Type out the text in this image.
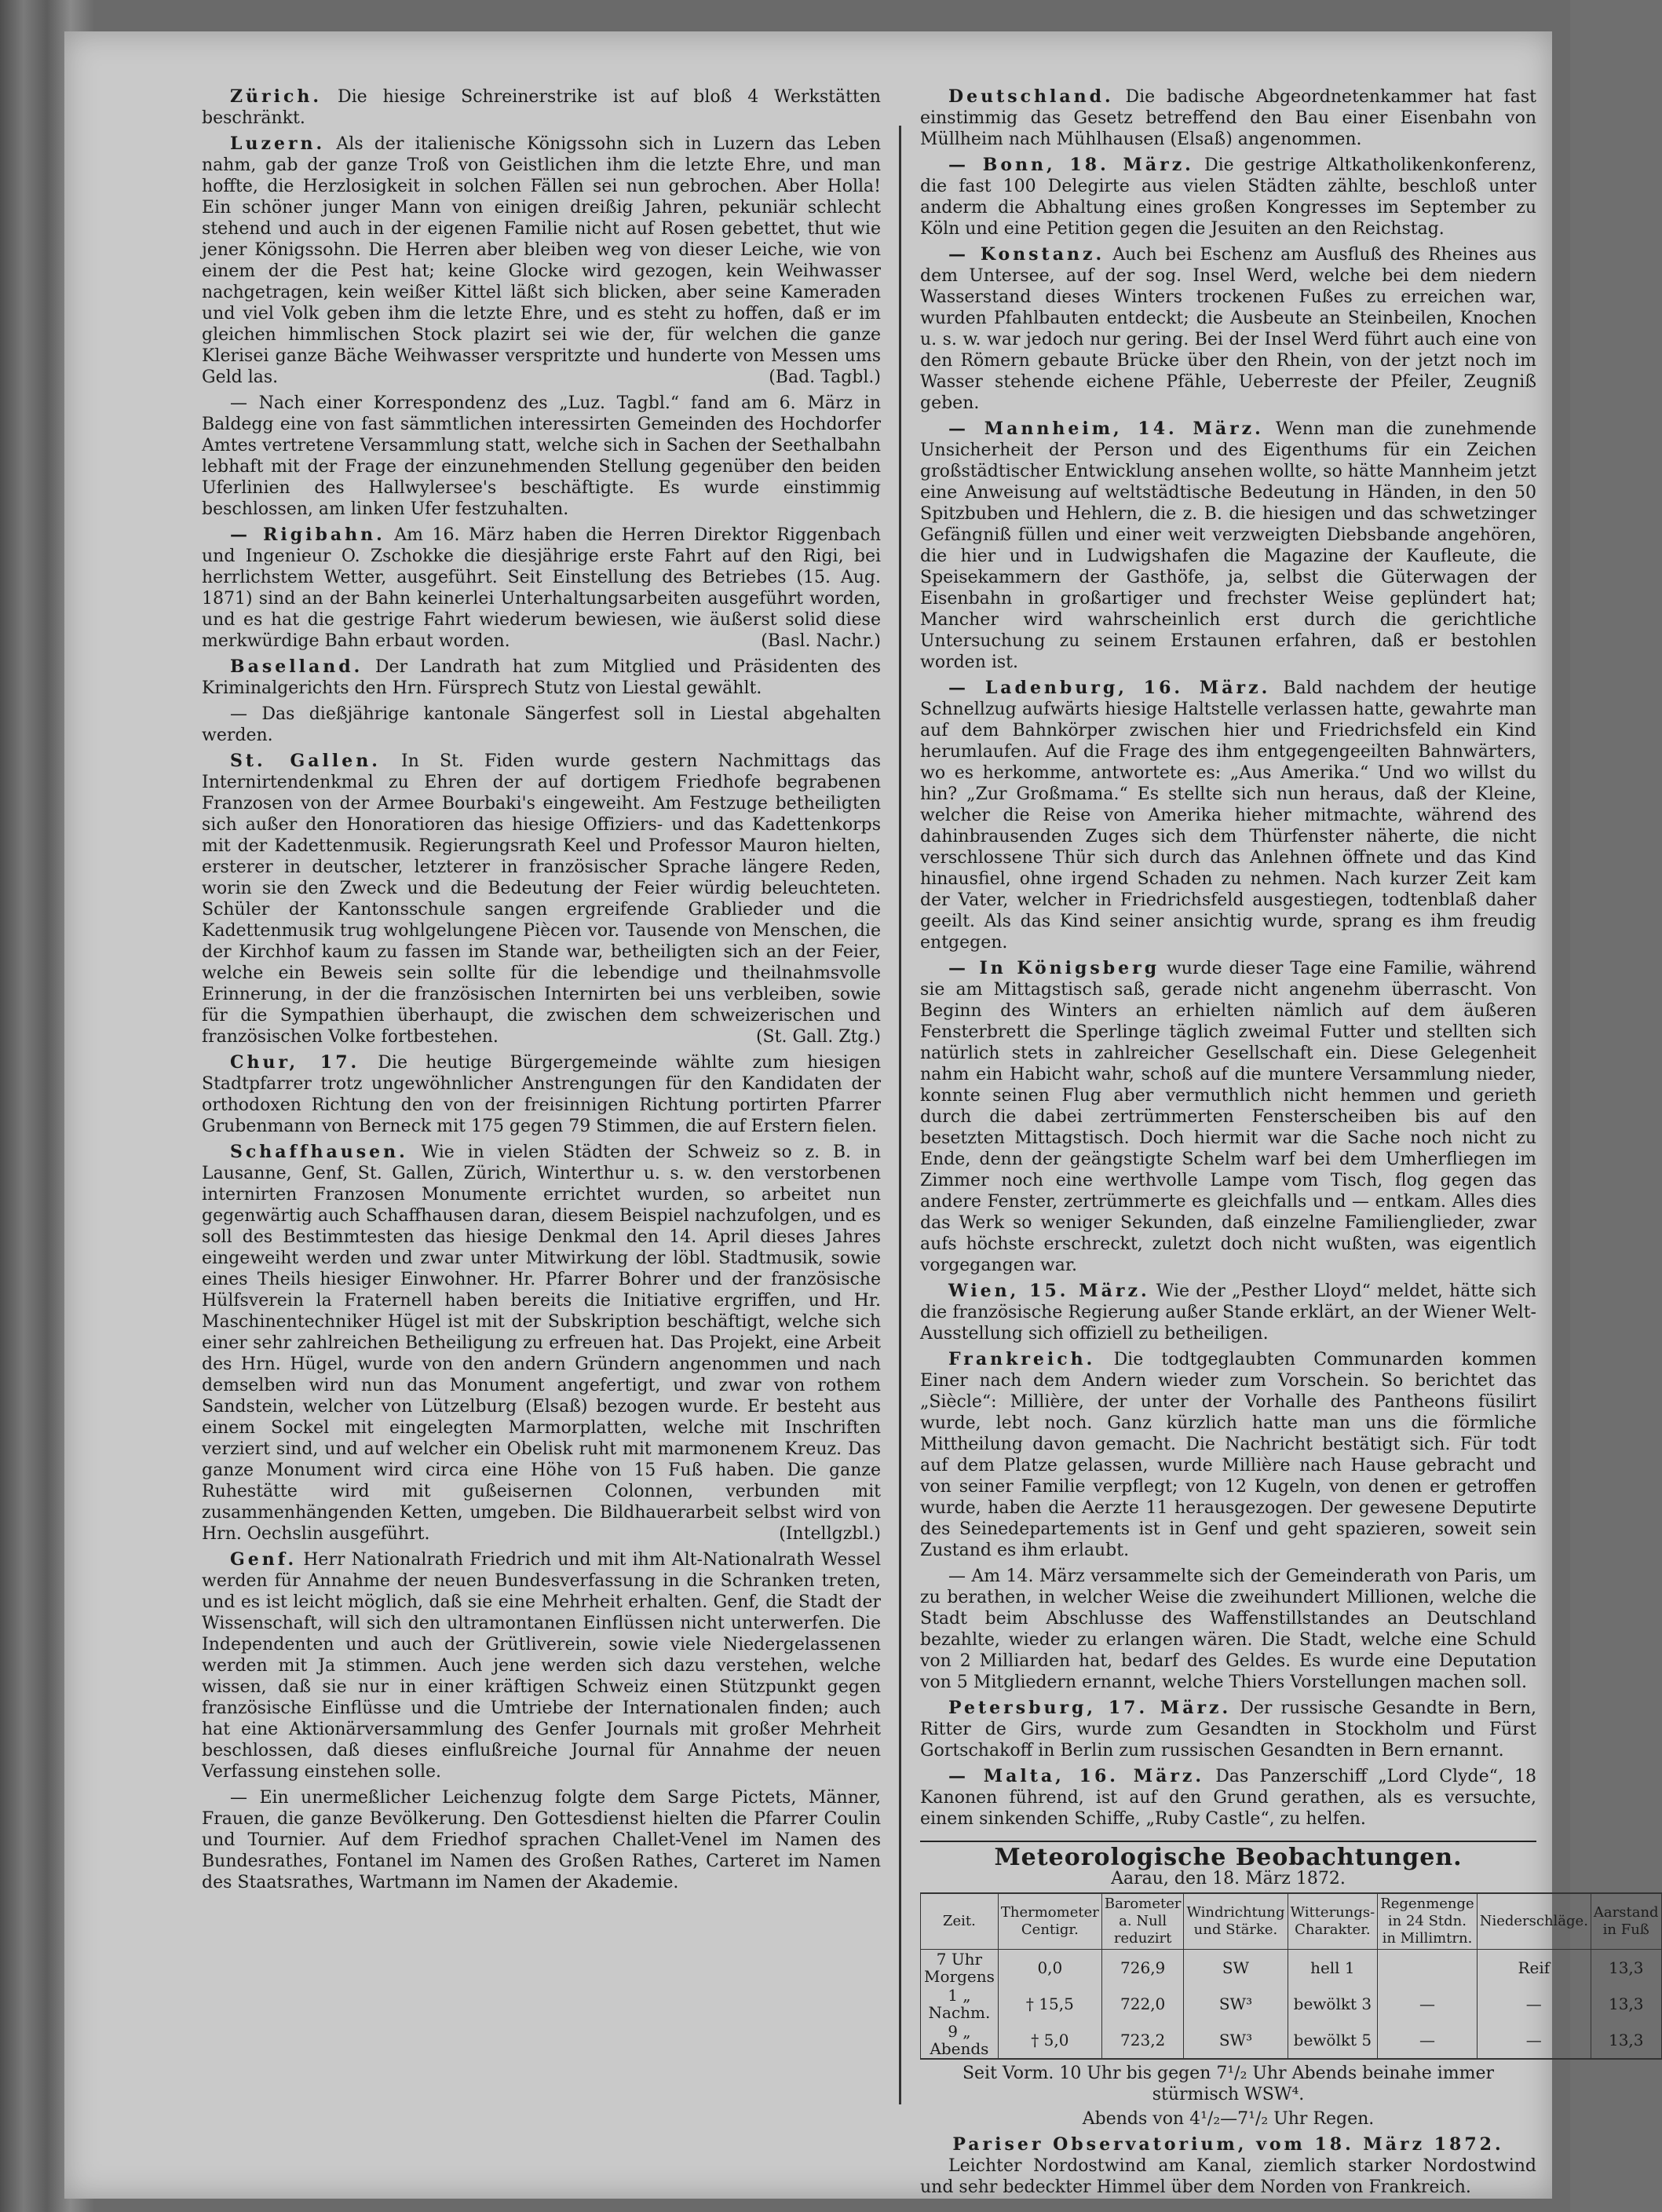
Zürich. Die hiesige Schreinerstrike ist auf bloß 4 Werkstätten beschränkt.

Luzern. Als der italienische Königssohn sich in Luzern das Leben nahm, gab der ganze Troß von Geistlichen ihm die letzte Ehre, und man hoffte, die Herzlosigkeit in solchen Fällen sei nun gebrochen. Aber Holla! Ein schöner junger Mann von einigen dreißig Jahren, pekuniär schlecht stehend und auch in der eigenen Familie nicht auf Rosen gebettet, thut wie jener Königssohn. Die Herren aber bleiben weg von dieser Leiche, wie von einem der die Pest hat; keine Glocke wird gezogen, kein Weihwasser nachgetragen, kein weißer Kittel läßt sich blicken, aber seine Kameraden und viel Volk geben ihm die letzte Ehre, und es steht zu hoffen, daß er im gleichen himmlischen Stock plazirt sei wie der, für welchen die ganze Klerisei ganze Bäche Weihwasser verspritzte und hunderte von Messen ums Geld las.	(Bad. Tagbl.)

— Nach einer Korrespondenz des „Luz. Tagbl.“ fand am 6. März in Baldegg eine von fast sämmtlichen interessirten Gemeinden des Hochdorfer Amtes vertretene Versammlung statt, welche sich in Sachen der Seethalbahn lebhaft mit der Frage der einzunehmenden Stellung gegenüber den beiden Uferlinien des Hallwylersee's beschäftigte. Es wurde einstimmig beschlossen, am linken Ufer festzuhalten.

— Rigibahn. Am 16. März haben die Herren Direktor Riggenbach und Ingenieur O. Zschokke die diesjährige erste Fahrt auf den Rigi, bei herrlichstem Wetter, ausgeführt. Seit Einstellung des Betriebes (15. Aug. 1871) sind an der Bahn keinerlei Unterhaltungsarbeiten ausgeführt worden, und es hat die gestrige Fahrt wiederum bewiesen, wie äußerst solid diese merkwürdige Bahn erbaut worden.	(Basl. Nachr.)

Baselland. Der Landrath hat zum Mitglied und Präsidenten des Kriminalgerichts den Hrn. Fürsprech Stutz von Liestal gewählt.

— Das dießjährige kantonale Sängerfest soll in Liestal abgehalten werden.

St. Gallen. In St. Fiden wurde gestern Nachmittags das Internirtendenkmal zu Ehren der auf dortigem Friedhofe begrabenen Franzosen von der Armee Bourbaki's eingeweiht. Am Festzuge betheiligten sich außer den Honoratioren das hiesige Offiziers- und das Kadettenkorps mit der Kadettenmusik. Regierungsrath Keel und Professor Mauron hielten, ersterer in deutscher, letzterer in französischer Sprache längere Reden, worin sie den Zweck und die Bedeutung der Feier würdig beleuchteten. Schüler der Kantonsschule sangen ergreifende Grablieder und die Kadettenmusik trug wohlgelungene Piècen vor. Tausende von Menschen, die der Kirchhof kaum zu fassen im Stande war, betheiligten sich an der Feier, welche ein Beweis sein sollte für die lebendige und theilnahmsvolle Erinnerung, in der die französischen Internirten bei uns verbleiben, sowie für die Sympathien überhaupt, die zwischen dem schweizerischen und französischen Volke fortbestehen.	(St. Gall. Ztg.)

Chur, 17. Die heutige Bürgergemeinde wählte zum hiesigen Stadtpfarrer trotz ungewöhnlicher Anstrengungen für den Kandidaten der orthodoxen Richtung den von der freisinnigen Richtung portirten Pfarrer Grubenmann von Berneck mit 175 gegen 79 Stimmen, die auf Erstern fielen.

Schaffhausen. Wie in vielen Städten der Schweiz so z. B. in Lausanne, Genf, St. Gallen, Zürich, Winterthur u. s. w. den verstorbenen internirten Franzosen Monumente errichtet wurden, so arbeitet nun gegenwärtig auch Schaffhausen daran, diesem Beispiel nachzufolgen, und es soll des Bestimmtesten das hiesige Denkmal den 14. April dieses Jahres eingeweiht werden und zwar unter Mitwirkung der löbl. Stadtmusik, sowie eines Theils hiesiger Einwohner. Hr. Pfarrer Bohrer und der französische Hülfsverein la Fraternell haben bereits die Initiative ergriffen, und Hr. Maschinentechniker Hügel ist mit der Subskription beschäftigt, welche sich einer sehr zahlreichen Betheiligung zu erfreuen hat. Das Projekt, eine Arbeit des Hrn. Hügel, wurde von den andern Gründern angenommen und nach demselben wird nun das Monument angefertigt, und zwar von rothem Sandstein, welcher von Lützelburg (Elsaß) bezogen wurde. Er besteht aus einem Sockel mit eingelegten Marmorplatten, welche mit Inschriften verziert sind, und auf welcher ein Obelisk ruht mit marmonenem Kreuz. Das ganze Monument wird circa eine Höhe von 15 Fuß haben. Die ganze Ruhestätte wird mit gußeisernen Colonnen, verbunden mit zusammenhängenden Ketten, umgeben. Die Bildhauerarbeit selbst wird von Hrn. Oechslin ausgeführt.	(Intellgzbl.)

Genf. Herr Nationalrath Friedrich und mit ihm Alt-Nationalrath Wessel werden für Annahme der neuen Bundesverfassung in die Schranken treten, und es ist leicht möglich, daß sie eine Mehrheit erhalten. Genf, die Stadt der Wissenschaft, will sich den ultramontanen Einflüssen nicht unterwerfen. Die Independenten und auch der Grütliverein, sowie viele Niedergelassenen werden mit Ja stimmen. Auch jene werden sich dazu verstehen, welche wissen, daß sie nur in einer kräftigen Schweiz einen Stützpunkt gegen französische Einflüsse und die Umtriebe der Internationalen finden; auch hat eine Aktionärversammlung des Genfer Journals mit großer Mehrheit beschlossen, daß dieses einflußreiche Journal für Annahme der neuen Verfassung einstehen solle.

— Ein unermeßlicher Leichenzug folgte dem Sarge Pictets, Männer, Frauen, die ganze Bevölkerung. Den Gottesdienst hielten die Pfarrer Coulin und Tournier. Auf dem Friedhof sprachen Challet-Venel im Namen des Bundesrathes, Fontanel im Namen des Großen Rathes, Carteret im Namen des Staatsrathes, Wartmann im Namen der Akademie.

Deutschland. Die badische Abgeordnetenkammer hat fast einstimmig das Gesetz betreffend den Bau einer Eisenbahn von Müllheim nach Mühlhausen (Elsaß) angenommen.

— Bonn, 18. März. Die gestrige Altkatholikenkonferenz, die fast 100 Delegirte aus vielen Städten zählte, beschloß unter anderm die Abhaltung eines großen Kongresses im September zu Köln und eine Petition gegen die Jesuiten an den Reichstag.

— Konstanz. Auch bei Eschenz am Ausfluß des Rheines aus dem Untersee, auf der sog. Insel Werd, welche bei dem niedern Wasserstand dieses Winters trockenen Fußes zu erreichen war, wurden Pfahlbauten entdeckt; die Ausbeute an Steinbeilen, Knochen u. s. w. war jedoch nur gering. Bei der Insel Werd führt auch eine von den Römern gebaute Brücke über den Rhein, von der jetzt noch im Wasser stehende eichene Pfähle, Ueberreste der Pfeiler, Zeugniß geben.

— Mannheim, 14. März. Wenn man die zunehmende Unsicherheit der Person und des Eigenthums für ein Zeichen großstädtischer Entwicklung ansehen wollte, so hätte Mannheim jetzt eine Anweisung auf weltstädtische Bedeutung in Händen, in den 50 Spitzbuben und Hehlern, die z. B. die hiesigen und das schwetzinger Gefängniß füllen und einer weit verzweigten Diebsbande angehören, die hier und in Ludwigshafen die Magazine der Kaufleute, die Speisekammern der Gasthöfe, ja, selbst die Güterwagen der Eisenbahn in großartiger und frechster Weise geplündert hat; Mancher wird wahrscheinlich erst durch die gerichtliche Untersuchung zu seinem Erstaunen erfahren, daß er bestohlen worden ist.

— Ladenburg, 16. März. Bald nachdem der heutige Schnellzug aufwärts hiesige Haltstelle verlassen hatte, gewahrte man auf dem Bahnkörper zwischen hier und Friedrichsfeld ein Kind herumlaufen. Auf die Frage des ihm entgegengeeilten Bahnwärters, wo es herkomme, antwortete es: „Aus Amerika.“ Und wo willst du hin? „Zur Großmama.“ Es stellte sich nun heraus, daß der Kleine, welcher die Reise von Amerika hieher mitmachte, während des dahinbrausenden Zuges sich dem Thürfenster näherte, die nicht verschlossene Thür sich durch das Anlehnen öffnete und das Kind hinausfiel, ohne irgend Schaden zu nehmen. Nach kurzer Zeit kam der Vater, welcher in Friedrichsfeld ausgestiegen, todtenblaß daher geeilt. Als das Kind seiner ansichtig wurde, sprang es ihm freudig entgegen.

— In Königsberg wurde dieser Tage eine Familie, während sie am Mittagstisch saß, gerade nicht angenehm überrascht. Von Beginn des Winters an erhielten nämlich auf dem äußeren Fensterbrett die Sperlinge täglich zweimal Futter und stellten sich natürlich stets in zahlreicher Gesellschaft ein. Diese Gelegenheit nahm ein Habicht wahr, schoß auf die muntere Versammlung nieder, konnte seinen Flug aber vermuthlich nicht hemmen und gerieth durch die dabei zertrümmerten Fensterscheiben bis auf den besetzten Mittagstisch. Doch hiermit war die Sache noch nicht zu Ende, denn der geängstigte Schelm warf bei dem Umherfliegen im Zimmer noch eine werthvolle Lampe vom Tisch, flog gegen das andere Fenster, zertrümmerte es gleichfalls und — entkam. Alles dies das Werk so weniger Sekunden, daß einzelne Familienglieder, zwar aufs höchste erschreckt, zuletzt doch nicht wußten, was eigentlich vorgegangen war.

Wien, 15. März. Wie der „Pesther Lloyd“ meldet, hätte sich die französische Regierung außer Stande erklärt, an der Wiener Welt-Ausstellung sich offiziell zu betheiligen.

Frankreich. Die todtgeglaubten Communarden kommen Einer nach dem Andern wieder zum Vorschein. So berichtet das „Siècle“: Millière, der unter der Vorhalle des Pantheons füsilirt wurde, lebt noch. Ganz kürzlich hatte man uns die förmliche Mittheilung davon gemacht. Die Nachricht bestätigt sich. Für todt auf dem Platze gelassen, wurde Millière nach Hause gebracht und von seiner Familie verpflegt; von 12 Kugeln, von denen er getroffen wurde, haben die Aerzte 11 herausgezogen. Der gewesene Deputirte des Seinedepartements ist in Genf und geht spazieren, soweit sein Zustand es ihm erlaubt.

— Am 14. März versammelte sich der Gemeinderath von Paris, um zu berathen, in welcher Weise die zweihundert Millionen, welche die Stadt beim Abschlusse des Waffenstillstandes an Deutschland bezahlte, wieder zu erlangen wären. Die Stadt, welche eine Schuld von 2 Milliarden hat, bedarf des Geldes. Es wurde eine Deputation von 5 Mitgliedern ernannt, welche Thiers Vorstellungen machen soll.

Petersburg, 17. März. Der russische Gesandte in Bern, Ritter de Girs, wurde zum Gesandten in Stockholm und Fürst Gortschakoff in Berlin zum russischen Gesandten in Bern ernannt.

— Malta, 16. März. Das Panzerschiff „Lord Clyde“, 18 Kanonen führend, ist auf den Grund gerathen, als es versuchte, einem sinkenden Schiffe, „Ruby Castle“, zu helfen.

Meteorologische Beobachtungen.
Aarau, den 18. März 1872.
Zeit.	Thermometer Centigr.	Barometer a. Null reduzirt	Windrichtung und Stärke.	Witterungs-Charakter.	Regenmenge in 24 Stdn. in Millimtrn.	Niederschläge.	Aarstand in Fuß
7 Uhr Morgens	0,0	726,9	SW	hell 1		Reif	13,3
1 „ Nachm.	† 15,5	722,0	SW³	bewölkt 3	—	—	13,3
9 „ Abends	† 5,0	723,2	SW³	bewölkt 5	—	—	13,3
Seit Vorm. 10 Uhr bis gegen 7¹/₂ Uhr Abends beinahe immer stürmisch WSW⁴.
Abends von 4¹/₂—7¹/₂ Uhr Regen.
Pariser Observatorium, vom 18. März 1872.

Leichter Nordostwind am Kanal, ziemlich starker Nordostwind und sehr bedeckter Himmel über dem Norden von Frankreich.
